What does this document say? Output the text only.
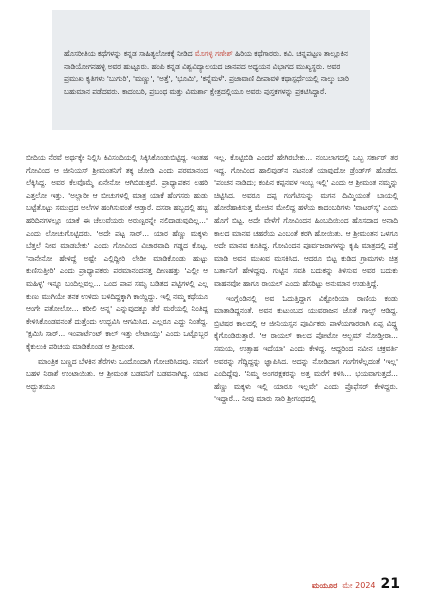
ಹೊಸರೀತಿಯ ಕಥೆಗಳನ್ನು ಕನ್ನಡ ಸಾಹಿತ್ಯಲೋಕಕ್ಕೆ ನೀಡಿದ ಮೊಗಳ್ಳಿ ಗಣೇಶ್ ಹಿರಿಯ ಕಥೆಗಾರರು. ಕವಿ. ಚನ್ನಪಟ್ಟಣ ತಾಲ್ಲೂಕಿನ ನಾಡಿಯೋಗನಹಳ್ಳಿ ಅವರ ಹುಟ್ಟೂರು. ಹಂಪಿ ಕನ್ನಡ ವಿಶ್ವವಿದ್ಯಾಲಯದ ಜಾನಪದ ಅಧ್ಯಯನ ವಿಭಾಗದ ಮುಖ್ಯಸ್ಥರು. ಅವರ ಪ್ರಮುಖ ಕೃತಿಗಳು 'ಬುಗುರಿ', 'ಮಣ್ಣು', 'ಅತ್ತೆ', 'ಭೂಮಿ', 'ಕನ್ನೆಮಳೆ'. ಪ್ರಜಾವಾಣಿ ದೀಪಾವಳಿ ಕಥಾಸ್ಪರ್ಧೆಯಲ್ಲಿ ನಾಲ್ಕು ಬಾರಿ ಬಹುಮಾನ ಪಡೆದವರು. ಕಾದಂಬರಿ, ಪ್ರಬಂಧ ಮತ್ತು ವಿಮರ್ಶಾ ಕ್ಷೇತ್ರದಲ್ಲಿಯೂ ಅವರು ಪುಸ್ತಕಗಳನ್ನು ಪ್ರಕಟಿಸಿದ್ದಾರೆ.

ಬೀದಿಯ ನೆರವೆ ಅರ್ಥಕ್ಕೇ ನಿಲ್ಲಿಸಿ ಕಿವಿಸಂದಿಯಲ್ಲಿ ಸಿಕ್ಕಿಸಿಕೊಂಡುಬಿಟ್ಟಿದ್ದ. ಇಂತಹ ಗೋವಿಂದ ಆ ಜೀನಿಯಸ್ ಶ್ರೀಮಂತನಿಗೆ ತಕ್ಕ ಜೋಡಿ ಎಂದು ಪರಮಾನಂದ ಲೆಕ್ಕಿಸಿದ್ದ. ಅವರ ಕೆಲವೊಮ್ಮೆ ಏನೇನೋ ಆಗಿಬಿಡುತ್ತವೆ. ಪ್ರಾಧ್ಯಾಪಕನ ಲಹರಿ ಎತ್ತಲೋ ಇತ್ತು. 'ಅಲ್ಲಾರೀ ಆ ಬೀಚುಗಳಲ್ಲಿ ಮಾತ್ರ ಯಾಕೆ ಹೆಂಗಸರು ಹುಡು ಬಟ್ಟೆತೊಟ್ಟು ಸಮುದ್ರದ ಅಲೆಗಳ ಹಂಗಿಸುವಂತೆ ಆಡ್ತಾರೆ. ದಸರಾ ಹಬ್ಬದಲ್ಲಿ ಹಬ್ಬ ಹರಿದಿನಗಳಲ್ಲೂ ಯಾಕೆ ಈ ಚೆಲುವೆಯರು ಅರುಣ್ಟರನ್ನೇ ನಲಿದಾಡುವುದಿಲ್ಲ...' ಎಂದು ಲೋಚುಗೊಟ್ಟಿದರು. 'ಅದೇ ಪಟ್ಟ ಸಾರ್... ಯಾರ ಹೆಣ್ಣು ಮಕ್ಕಳು ಬೆತ್ತಲೆ ನೀವ ಮಾಡಬೇಕು' ಎಂದು ಗೋವಿಂದ ವಿಚಾರವಾದಿ ಗಡ್ಡದ ಕೊಟ್ಟ. 'ನಾನೇನೋ ಹೇಳಿದ್ದೆ ಅಷ್ಟೇ ಎಲ್ಲಿದ್ದೀರಿ ಲೇಡೀ ಮಾಡಿಕೊಂಡು ಹುಟ್ಟು ಕುಣಿಸುತ್ತೀರಿ' ಎಂದು ಪ್ರಾಧ್ಯಾಪಕರು ಪರಮಾನಂದನತ್ತ ದೀಣಹತ್ತು 'ಎಲ್ಲೀ ಆ ಮಹಿಳ್ಳ' ಇನ್ನೂ ಬಂದಿಲ್ಲವಲ್ಲ... ಒಂದ ಪಾಪ ಸಮೃ ಬಡಿತದ ಪಟ್ಟಿಗಳಲ್ಲಿ ಎಲ್ಲ ಕುಣು ಮುಗಿಯೇ ತನಕ ಉಳಿದು ಬಳಿದಿದ್ದಕ್ಕಾಗಿ ಕಾಯ್ದಿದ್ದು. ಇಲ್ಲಿ ನಮ್ಮ ಕಥೆಯೂ ಆಂಗೇ ಪತೋಲೋ... ಕರೀಲಿ ಅನ್ನ' ಎನ್ನುವುದಕ್ಕೂ ತೆರೆ ಮರೆಯಲ್ಲಿ ನಿಂತಿದ್ದ ಕೇಳಿಸಿಕೊಂಡವನಂತೆ ದುತ್ತೆಂದು ಉದ್ಭವಿಸಿ ಆಗಮಿಸಿದ. ಎಲ್ಲರೂ ಎದ್ದು ನಿಂತೆದ್ದ. 'ಕ್ಷಮಿಸಿ ಸಾರ್... ಇಂಪಾರ್ಟೆಂಟ್ ಕಾಲ್ ಇತ್ತು ಲೇಟಾಯ್ತು' ಎಂದು ಒಟ್ಟೊಬ್ಬರ ಕೈಕುಲುಕಿ ಪರಿಚಯ ಮಾಡಿಕೊಂಡ ಆ ಶ್ರೀಮಂತ.

ಮಾಂತ್ರಿಕ ಬಣ್ಣದ ಬೆಳಕಿನ ತೆರೆಗಳು ಒಂದೊಂದಾಗಿ ಗೋಚರಿಸಿದವು. ನಮಗೆ ಬಹಳ ನಿರಾಶೆ ಉಂಟಾಯಿತು. ಆ ಶ್ರೀಮಂತ ಬಡವನಿಗೆ ಬಡವನಾಗಿದ್ದ. ಯಾವ ಅದ್ಭುತಯೂ

ಇಲ್ಲ. ಕೊಟ್ಟಿಬಿಡಿ ಎಂದರೆ ಹೇಗಿರಬೇಕು... ನಂಬಲಾಗದಲ್ಲಿ ಒಬ್ಬ ಸರ್ಕಾರ್ ತರ ಇದ್ದ. ಗೋವಿಂದ ಹಾಲಿವುಡ್‌ನ ನಟನಂತೆ ಯಾವುದೋ ಡ್ರೆಂಡ್‌ಗ್ ಹೊಡೆದ. 'ಪಂಚನ ನಾಡಿದು; ಕಂಪಿನ ಕಪ್ಪನವಳ ಇಂಬ್ಬ ಇಲ್ಲಿ' ಎಂದು ಆ ಶ್ರೀಮಂತ ನಮ್ಮನ್ನು ಚಿಟ್ಟಿಸಿದ. ಅವರೂ ದಪ್ಪ ಗಂಗೆಟಿಸುನ್ನು ಮಗನ ದಿಮ್ಮಿಯಂತೆ ಬಾಯಲ್ಲಿ ಹೋರೆಹಾಕಿಸುತ್ತ ಮೇಜಿನ ಮೇಲಿದ್ದ ಹಳೆಯ ಕಾದಂಬರಿಗಳು 'ವಾಟರ್‌ಸ್ಕ' ಎಂದು ಹೊಗೆ ಬಿಟ್ಟ. ಅದೇ ವೇಳೆಗೆ ಗೋವಿಂದನ ಹಿಂಬದಿಯಿಂದ ಹೊಸದಾದ ಅನಾದಿ ಕಾಲದ ಮಾನವ ಚಹರೆಯ ಎಂಬಂತೆ ಕರಗಿ ಹೋಯಿತು. ಆ ಶ್ರೀಮಂತನ ಒಳಗೂ ಅದೇ ಮಾನವ ಕೂತಿದ್ದ. ಗೋವಿಂದನ ಪೂರ್ವಜರಾಗಳನ್ನು ಕೃಷಿ ಮಾತ್ರದಲ್ಲಿ ಪತ್ತೆ ಮಾಡಿ ಅವನ ಮುಖವ ಮಸಕಿಸಿದ. ಆದರೂ ಬಿಟ್ಟ ಕುಡಿದ ಗ್ರಾಮಗಳು ಚಿತ್ರ ಬರ್ತಾನಿಗೆ ಹೇಳಿದ್ದವು. ಗುಟ್ಟಿನ ಸವತಿ ಬದುಕನ್ನು ತಿಳಿಸುವ ಅವರ ಬದುಕು ವಾಹನವೋ ಹಾಗೂ ರಾಯಲ್ ಎಂದು ಹೆಸರಿಟ್ಟು ಅನುಮಾನ ಉಡುತ್ತಿದ್ದೆ.

ಇಂಗ್ಲೆಂಡಿನಲ್ಲಿ ಅವ ಓದುತ್ತಿದ್ದಾಗ ವಿಕ್ಟೋರಿಯಾ ರಾಣಿಯ ಕಂಡು ಮಾತಾಡಿದ್ದನಂತೆ. ಅವನ ಕುಟುಂಬದ ಯುವರಾಜನ ಜೊತೆ ಗಾಲ್ಫ್ ಆಡಿದ್ದ. ಬ್ರಿಟಿಷರ ಕಾಲದಲ್ಲಿ ಆ ಜೀನಿಯಸ್ಸನ ಪೂರ್ವಿಕರು ಪಾಳೆಯಗಾರರಾಗಿ ಏಪ್ಪ ವಿದ್ದ್ದ ಕೈಗೊಂಡಿರುತ್ತಾರೆ. 'ಆ ರಾಯಲ್ ಕಾಲದ ಪೋಟೋ ಆಲ್ಬಮ್ ನೋಡ್ತೀರಾ... ಸಮಯ, ಉತ್ಸಾಹ ಇದೆಯಾ' ಎಂದು ಕೇಳಿದ್ದ. ಆದ್ದರಿಂದ ನವೀನ ಚಕ್ರವರ್ತಿ ಅವರನ್ನು ಗೆದ್ದಿದ್ದನ್ನು ಜ್ಞಾಪಿಸಿದ. ಅದನ್ನು ನೋಡಿದಾಗ ಗಂಗೆಗಳೆಲ್ಲದಂತೆ 'ಇಲ್ಲ' ಎಂದಿದ್ದೆವು. 'ನಿಮ್ಮ ಅಂಗರಕ್ಷಕರನ್ನು ಅತ್ತ ಮರೆಗೆ ಕಳಿಸಿ... ಭಯವಾಗುತ್ತದೆ... ಹೆಣ್ಣು ಮಕ್ಕಳು ಇಲ್ಲಿ ಯಾರೂ ಇಲ್ಲವೇ' ಎಂದು ಪ್ರೊಫೆಸರ್ ಕೇಳಿದ್ದರು. 'ಇದ್ದಾರೆ... ನೀವು ಮಾರು ಸಾರಿ ಶ್ರೀಗಂಧದಲ್ಲಿ

ಮಯೂರ ಮೇ 2024 21
